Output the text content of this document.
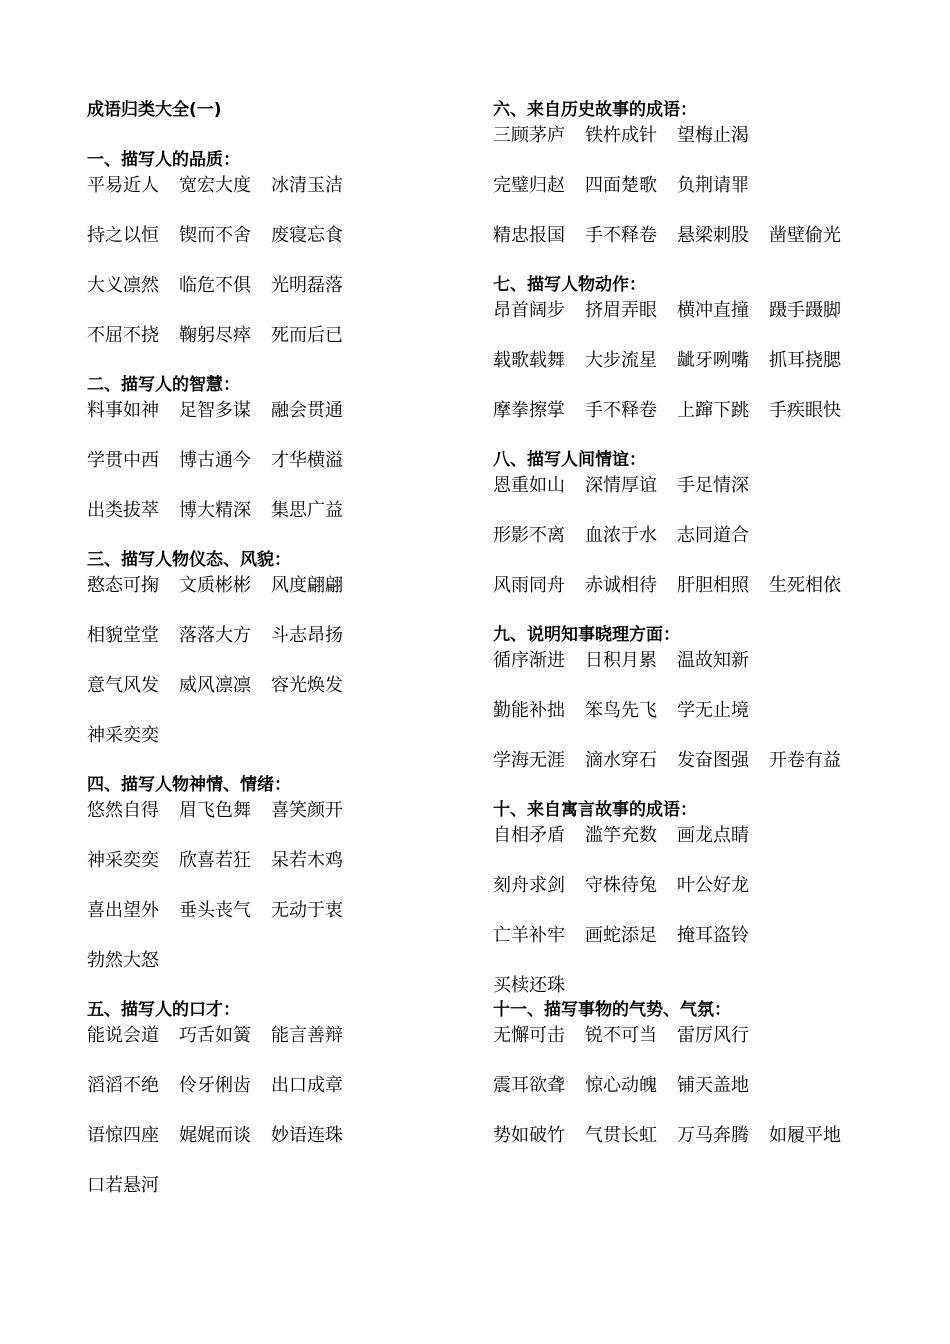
成语归类大全(一)
一、描写人的品质：
平易近人 宽宏大度 冰清玉洁
持之以恒 锲而不舍 废寝忘食
大义凛然 临危不俱 光明磊落
不屈不挠 鞠躬尽瘁 死而后已
二、描写人的智慧：
料事如神 足智多谋 融会贯通
学贯中西 博古通今 才华横溢
出类拔萃 博大精深 集思广益
三、描写人物仪态、风貌：
憨态可掬 文质彬彬 风度翩翩
相貌堂堂 落落大方 斗志昂扬
意气风发 威风凛凛 容光焕发
神采奕奕
四、描写人物神情、情绪：
悠然自得 眉飞色舞 喜笑颜开
神采奕奕 欣喜若狂 呆若木鸡
喜出望外 垂头丧气 无动于衷
勃然大怒
五、描写人的口才：
能说会道 巧舌如簧 能言善辩
滔滔不绝 伶牙俐齿 出口成章
语惊四座 娓娓而谈 妙语连珠
口若悬河
六、来自历史故事的成语：
三顾茅庐 铁杵成针 望梅止渴
完璧归赵 四面楚歌 负荆请罪
精忠报国 手不释卷 悬梁刺股 凿壁偷光
七、描写人物动作：
昂首阔步 挤眉弄眼 横冲直撞 蹑手蹑脚
载歌载舞 大步流星 龇牙咧嘴 抓耳挠腮
摩拳擦掌 手不释卷 上蹿下跳 手疾眼快
八、描写人间情谊：
恩重如山 深情厚谊 手足情深
形影不离 血浓于水 志同道合
风雨同舟 赤诚相待 肝胆相照 生死相依
九、说明知事晓理方面：
循序渐进 日积月累 温故知新
勤能补拙 笨鸟先飞 学无止境
学海无涯 滴水穿石 发奋图强 开卷有益
十、来自寓言故事的成语：
自相矛盾 滥竽充数 画龙点睛
刻舟求剑 守株待兔 叶公好龙
亡羊补牢 画蛇添足 掩耳盗铃
买椟还珠
十一、描写事物的气势、气氛：
无懈可击 锐不可当 雷厉风行
震耳欲聋 惊心动魄 铺天盖地
势如破竹 气贯长虹 万马奔腾 如履平地
